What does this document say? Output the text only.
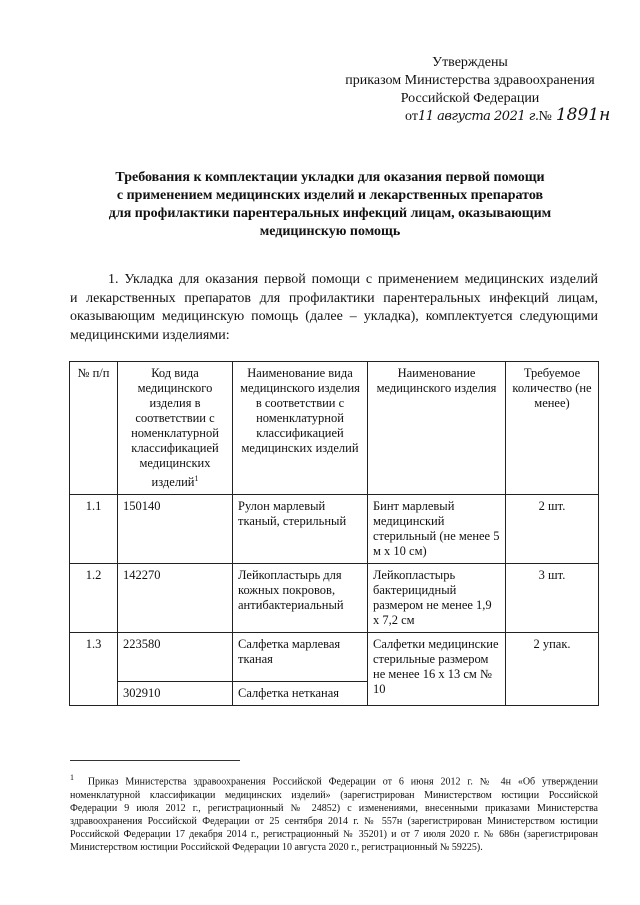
Утверждены
приказом Министерства здравоохранения
Российской Федерации
от11 августа 2021 г.№ 1891н
Требования к комплектации укладки для оказания первой помощи
с применением медицинских изделий и лекарственных препаратов
для профилактики парентеральных инфекций лицам, оказывающим
медицинскую помощь
1. Укладка для оказания первой помощи с применением медицинских изделий
и лекарственных препаратов для профилактики парентеральных инфекций лицам,
оказывающим медицинскую помощь (далее – укладка), комплектуется следующими
медицинскими изделиями:
№ п/п	Код вида медицинского изделия в соответствии с номенклатурной классификацией медицинских изделий$^1$	Наименование вида медицинского изделия в соответствии с номенклатурной классификацией медицинских изделий	Наименование медицинского изделия	Требуемое количество (не менее)
1.1	150140	Рулон марлевый тканый, стерильный	Бинт марлевый медицинский стерильный (не менее 5 м х 10 см)	2 шт.
1.2	142270	Лейкопластырь для кожных покровов, антибактериальный	Лейкопластырь бактерицидный размером не менее 1,9 х 7,2 см	3 шт.
1.3	223580	Салфетка марлевая тканая	Салфетки медицинские стерильные размером не менее 16 х 13 см № 10	2 упак.
	302910	Салфетка нетканая		
$^1$ Приказ Министерства здравоохранения Российской Федерации от 6 июня 2012 г. № 4н «Об утверждении
номенклатурной классификации медицинских изделий» (зарегистрирован Министерством юстиции Российской
Федерации 9 июля 2012 г., регистрационный № 24852) с изменениями, внесенными приказами Министерства
здравоохранения Российской Федерации от 25 сентября 2014 г. № 557н (зарегистрирован Министерством юстиции
Российской Федерации 17 декабря 2014 г., регистрационный № 35201) и от 7 июля 2020 г. № 686н (зарегистрирован
Министерством юстиции Российской Федерации 10 августа 2020 г., регистрационный № 59225).
